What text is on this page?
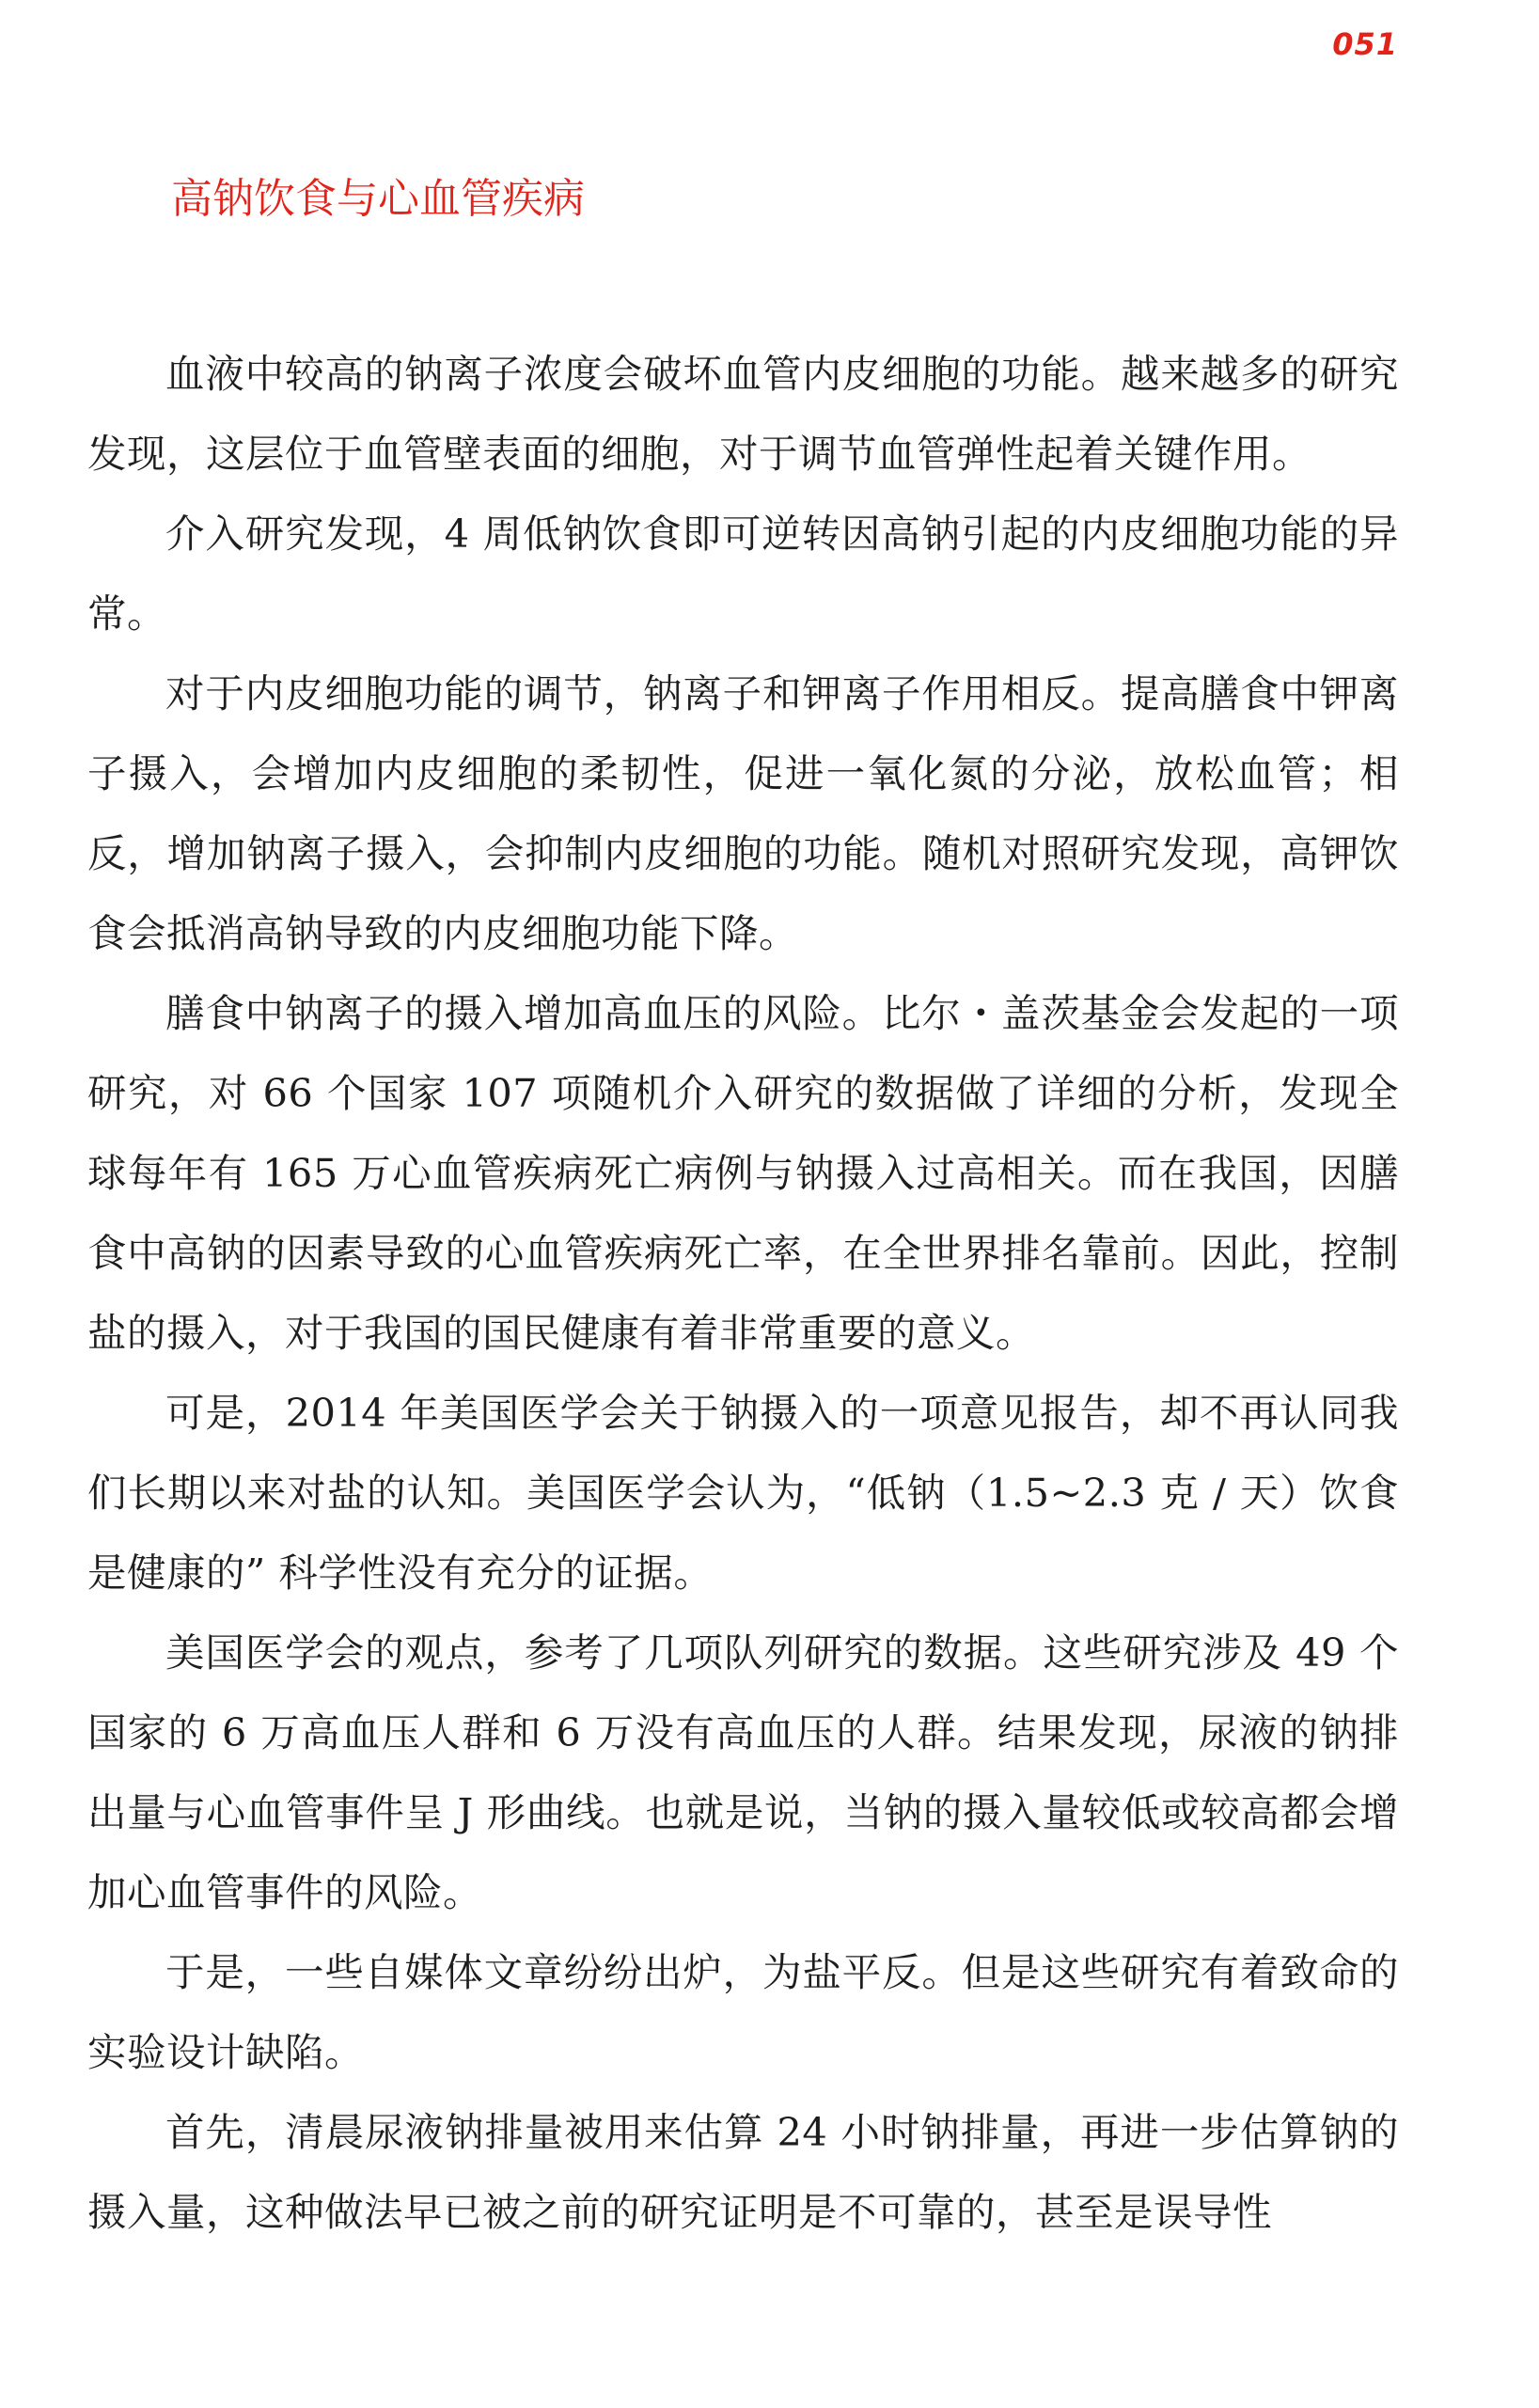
051
高钠饮食与心血管疾病

血液中较高的钠离子浓度会破坏血管内皮细胞的功能。越来越多的研究发现，这层位于血管壁表面的细胞，对于调节血管弹性起着关键作用。

介入研究发现，4 周低钠饮食即可逆转因高钠引起的内皮细胞功能的异常。

对于内皮细胞功能的调节，钠离子和钾离子作用相反。提高膳食中钾离子摄入，会增加内皮细胞的柔韧性，促进一氧化氮的分泌，放松血管；相反，增加钠离子摄入，会抑制内皮细胞的功能。随机对照研究发现，高钾饮食会抵消高钠导致的内皮细胞功能下降。

膳食中钠离子的摄入增加高血压的风险。比尔・盖茨基金会发起的一项研究，对 66 个国家 107 项随机介入研究的数据做了详细的分析，发现全球每年有 165 万心血管疾病死亡病例与钠摄入过高相关。而在我国，因膳食中高钠的因素导致的心血管疾病死亡率，在全世界排名靠前。因此，控制盐的摄入，对于我国的国民健康有着非常重要的意义。

可是，2014 年美国医学会关于钠摄入的一项意见报告，却不再认同我们长期以来对盐的认知。美国医学会认为，“低钠（1.5~2.3 克 / 天）饮食是健康的” 科学性没有充分的证据。

美国医学会的观点，参考了几项队列研究的数据。这些研究涉及 49 个国家的 6 万高血压人群和 6 万没有高血压的人群。结果发现，尿液的钠排出量与心血管事件呈 J 形曲线。也就是说，当钠的摄入量较低或较高都会增加心血管事件的风险。

于是，一些自媒体文章纷纷出炉，为盐平反。但是这些研究有着致命的实验设计缺陷。

首先，清晨尿液钠排量被用来估算 24 小时钠排量，再进一步估算钠的摄入量，这种做法早已被之前的研究证明是不可靠的，甚至是误导性
